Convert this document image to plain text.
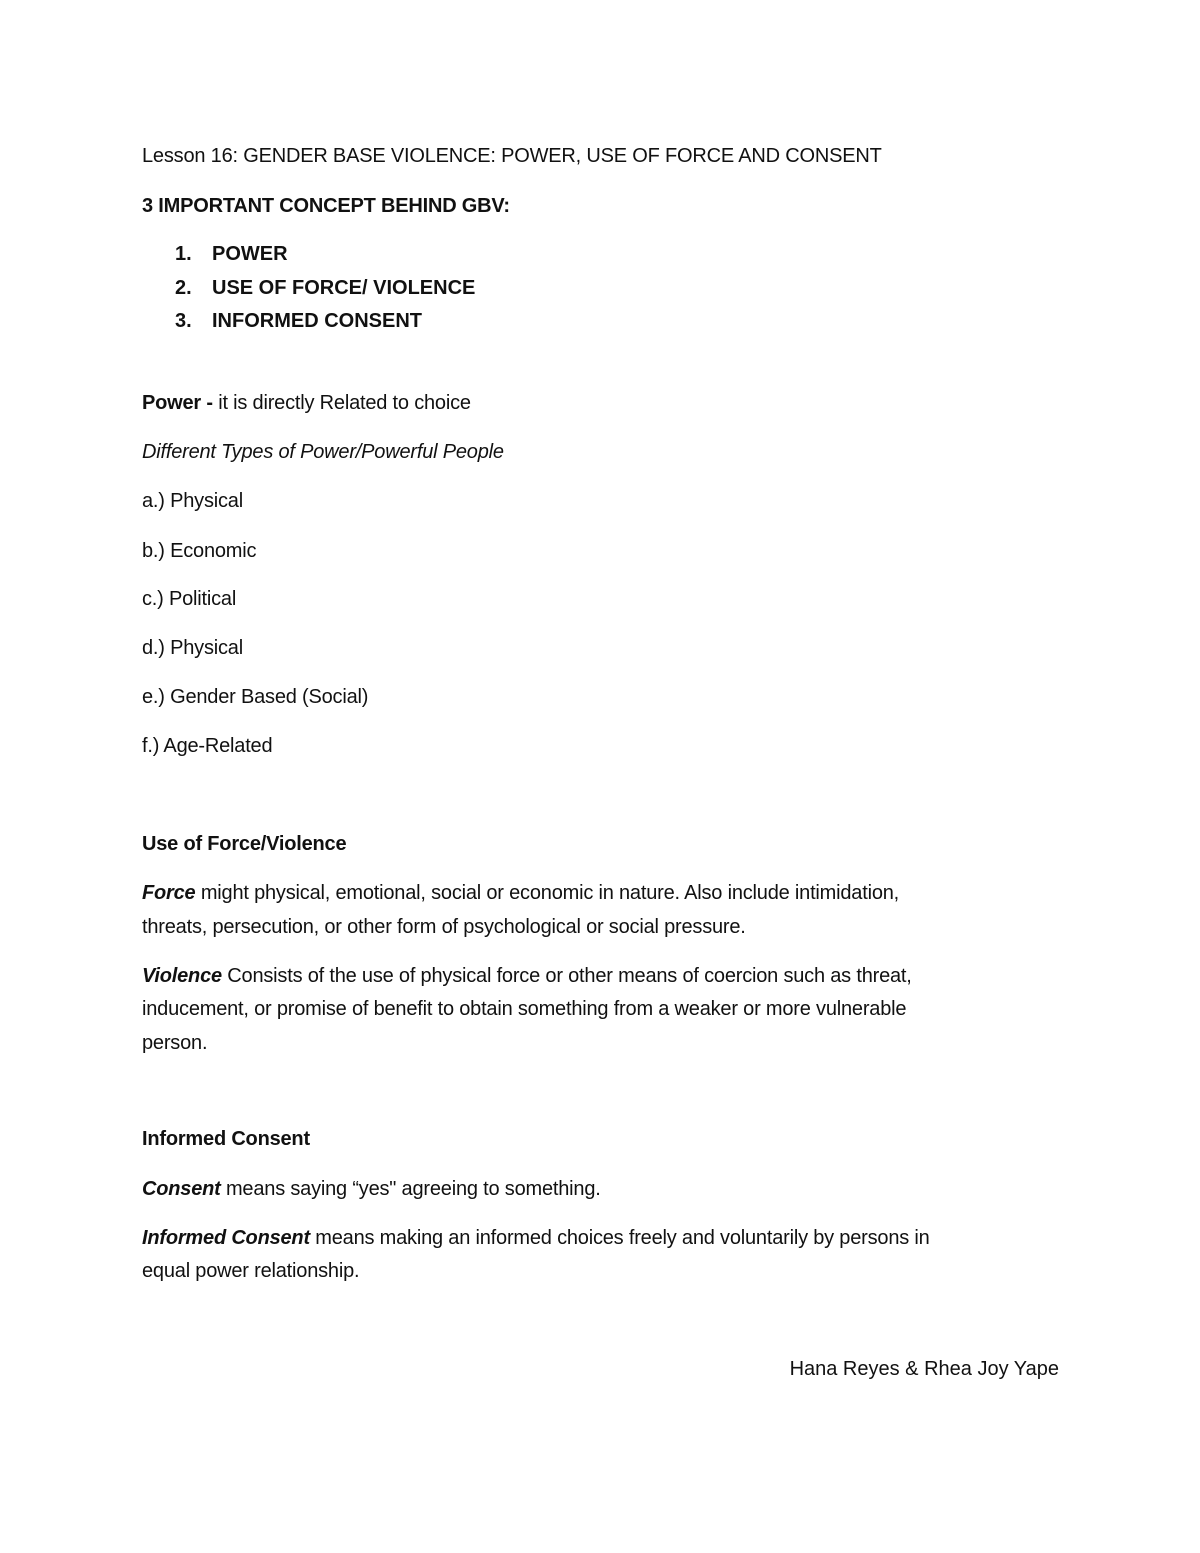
Lesson 16: GENDER BASE VIOLENCE: POWER, USE OF FORCE AND CONSENT
3 IMPORTANT CONCEPT BEHIND GBV:
1. POWER
2. USE OF FORCE/ VIOLENCE
3. INFORMED CONSENT
Power - it is directly Related to choice
Different Types of Power/Powerful People
a.) Physical
b.) Economic
c.) Political
d.) Physical
e.) Gender Based (Social)
f.) Age-Related
Use of Force/Violence
Force might physical, emotional, social or economic in nature. Also include intimidation,
threats, persecution, or other form of psychological or social pressure.
Violence Consists of the use of physical force or other means of coercion such as threat,
inducement, or promise of benefit to obtain something from a weaker or more vulnerable
person.
Informed Consent
Consent means saying “yes" agreeing to something.
Informed Consent means making an informed choices freely and voluntarily by persons in
equal power relationship.
Hana Reyes & Rhea Joy Yape
